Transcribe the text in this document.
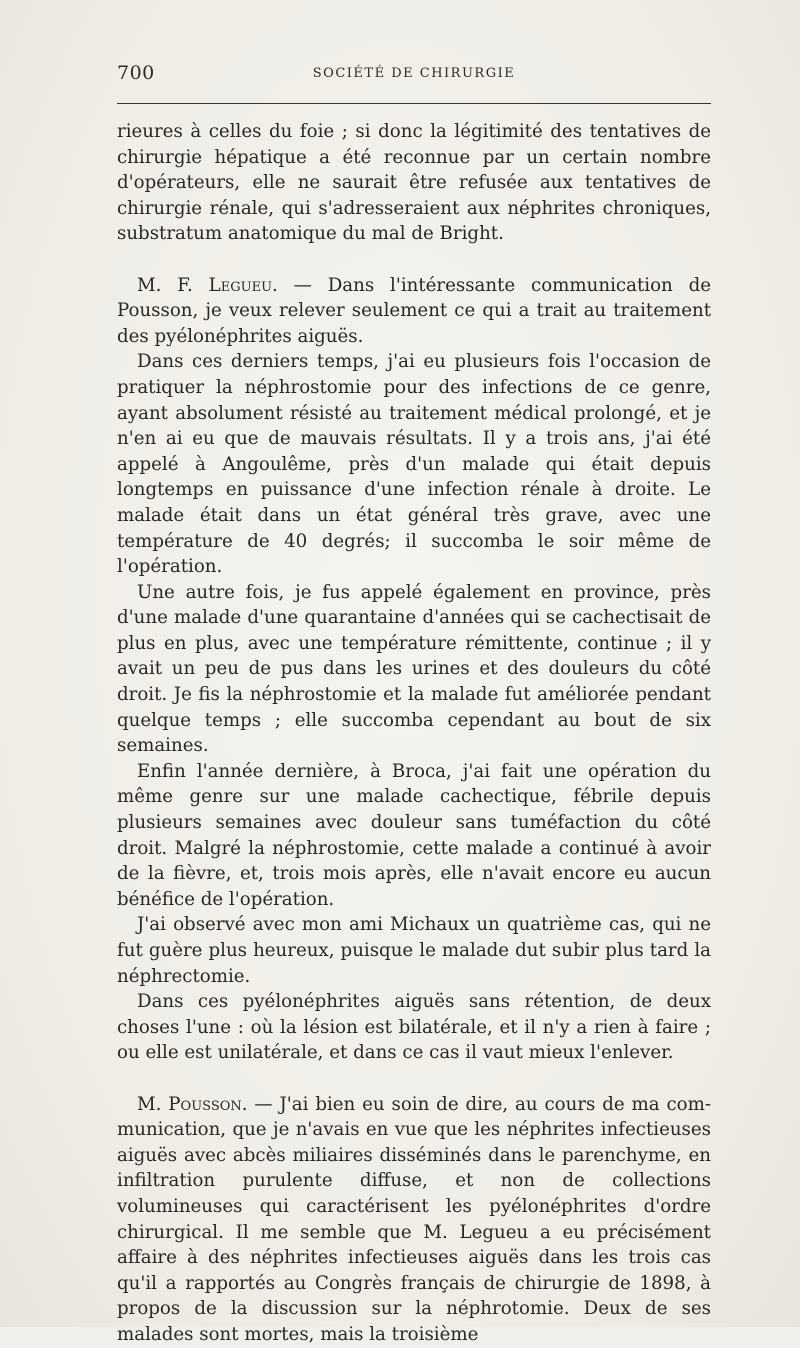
700	SOCIÉTÉ DE CHIRURGIE

rieures à celles du foie ; si donc la légitimité des tentatives de chirurgie hépatique a été reconnue par un certain nombre d'opérateurs, elle ne saurait être refusée aux tentatives de chirurgie rénale, qui s'adresseraient aux néphrites chroniques, substratum anatomique du mal de Bright.

M. F. Legueu. — Dans l'intéressante communication de Pousson, je veux relever seulement ce qui a trait au traitement des pyélonéphrites aiguës.

Dans ces derniers temps, j'ai eu plusieurs fois l'occasion de pratiquer la néphrostomie pour des infections de ce genre, ayant absolument résisté au traitement médical prolongé, et je n'en ai eu que de mauvais résultats. Il y a trois ans, j'ai été appelé à Angoulême, près d'un malade qui était depuis longtemps en puissance d'une infection rénale à droite. Le malade était dans un état général très grave, avec une température de 40 degrés; il succomba le soir même de l'opération.

Une autre fois, je fus appelé également en province, près d'une malade d'une quarantaine d'années qui se cachectisait de plus en plus, avec une température rémittente, continue ; il y avait un peu de pus dans les urines et des douleurs du côté droit. Je fis la néphrostomie et la malade fut améliorée pendant quelque temps ; elle succomba cependant au bout de six semaines.

Enfin l'année dernière, à Broca, j'ai fait une opération du même genre sur une malade cachectique, fébrile depuis plusieurs semaines avec douleur sans tuméfaction du côté droit. Malgré la néphrostomie, cette malade a continué à avoir de la fièvre, et, trois mois après, elle n'avait encore eu aucun bénéfice de l'opération.

J'ai observé avec mon ami Michaux un quatrième cas, qui ne fut guère plus heureux, puisque le malade dut subir plus tard la néphrectomie.

Dans ces pyélonéphrites aiguës sans rétention, de deux choses l'une : où la lésion est bilatérale, et il n'y a rien à faire ; ou elle est unilatérale, et dans ce cas il vaut mieux l'enlever.

M. Pousson. — J'ai bien eu soin de dire, au cours de ma communication, que je n'avais en vue que les néphrites infectieuses aiguës avec abcès miliaires disséminés dans le parenchyme, en infiltration purulente diffuse, et non de collections volumineuses qui caractérisent les pyélonéphrites d'ordre chirurgical. Il me semble que M. Legueu a eu précisément affaire à des néphrites infectieuses aiguës dans les trois cas qu'il a rapportés au Congrès français de chirurgie de 1898, à propos de la discussion sur la néphrotomie. Deux de ses malades sont mortes, mais la troisième
